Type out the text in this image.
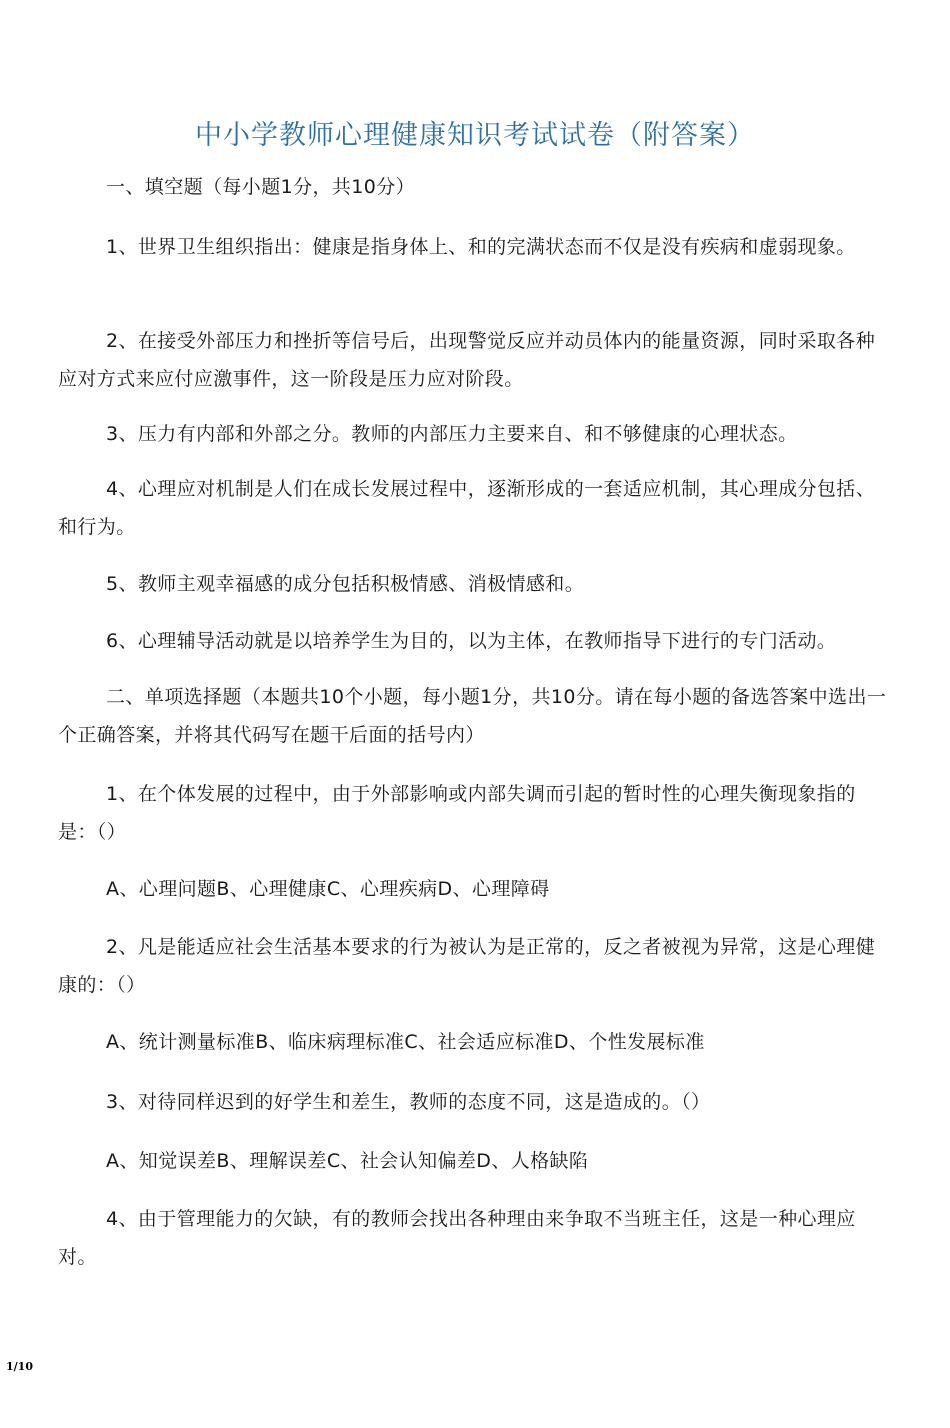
中小学教师心理健康知识考试试卷（附答案）

一、填空题（每小题1分，共10分）

1、世界卫生组织指出：健康是指身体上、和的完满状态而不仅是没有疾病和虚弱现象。

2、在接受外部压力和挫折等信号后，出现警觉反应并动员体内的能量资源，同时采取各种应对方式来应付应激事件，这一阶段是压力应对阶段。

3、压力有内部和外部之分。教师的内部压力主要来自、和不够健康的心理状态。

4、心理应对机制是人们在成长发展过程中，逐渐形成的一套适应机制，其心理成分包括、和行为。

5、教师主观幸福感的成分包括积极情感、消极情感和。

6、心理辅导活动就是以培养学生为目的，以为主体，在教师指导下进行的专门活动。

二、单项选择题（本题共10个小题，每小题1分，共10分。请在每小题的备选答案中选出一个正确答案，并将其代码写在题干后面的括号内）

1、在个体发展的过程中，由于外部影响或内部失调而引起的暂时性的心理失衡现象指的是：（）

A、心理问题B、心理健康C、心理疾病D、心理障碍

2、凡是能适应社会生活基本要求的行为被认为是正常的，反之者被视为异常，这是心理健康的：（）

A、统计测量标准B、临床病理标准C、社会适应标准D、个性发展标准

3、对待同样迟到的好学生和差生，教师的态度不同，这是造成的。（）

A、知觉误差B、理解误差C、社会认知偏差D、人格缺陷

4、由于管理能力的欠缺，有的教师会找出各种理由来争取不当班主任，这是一种心理应对。

1/10
